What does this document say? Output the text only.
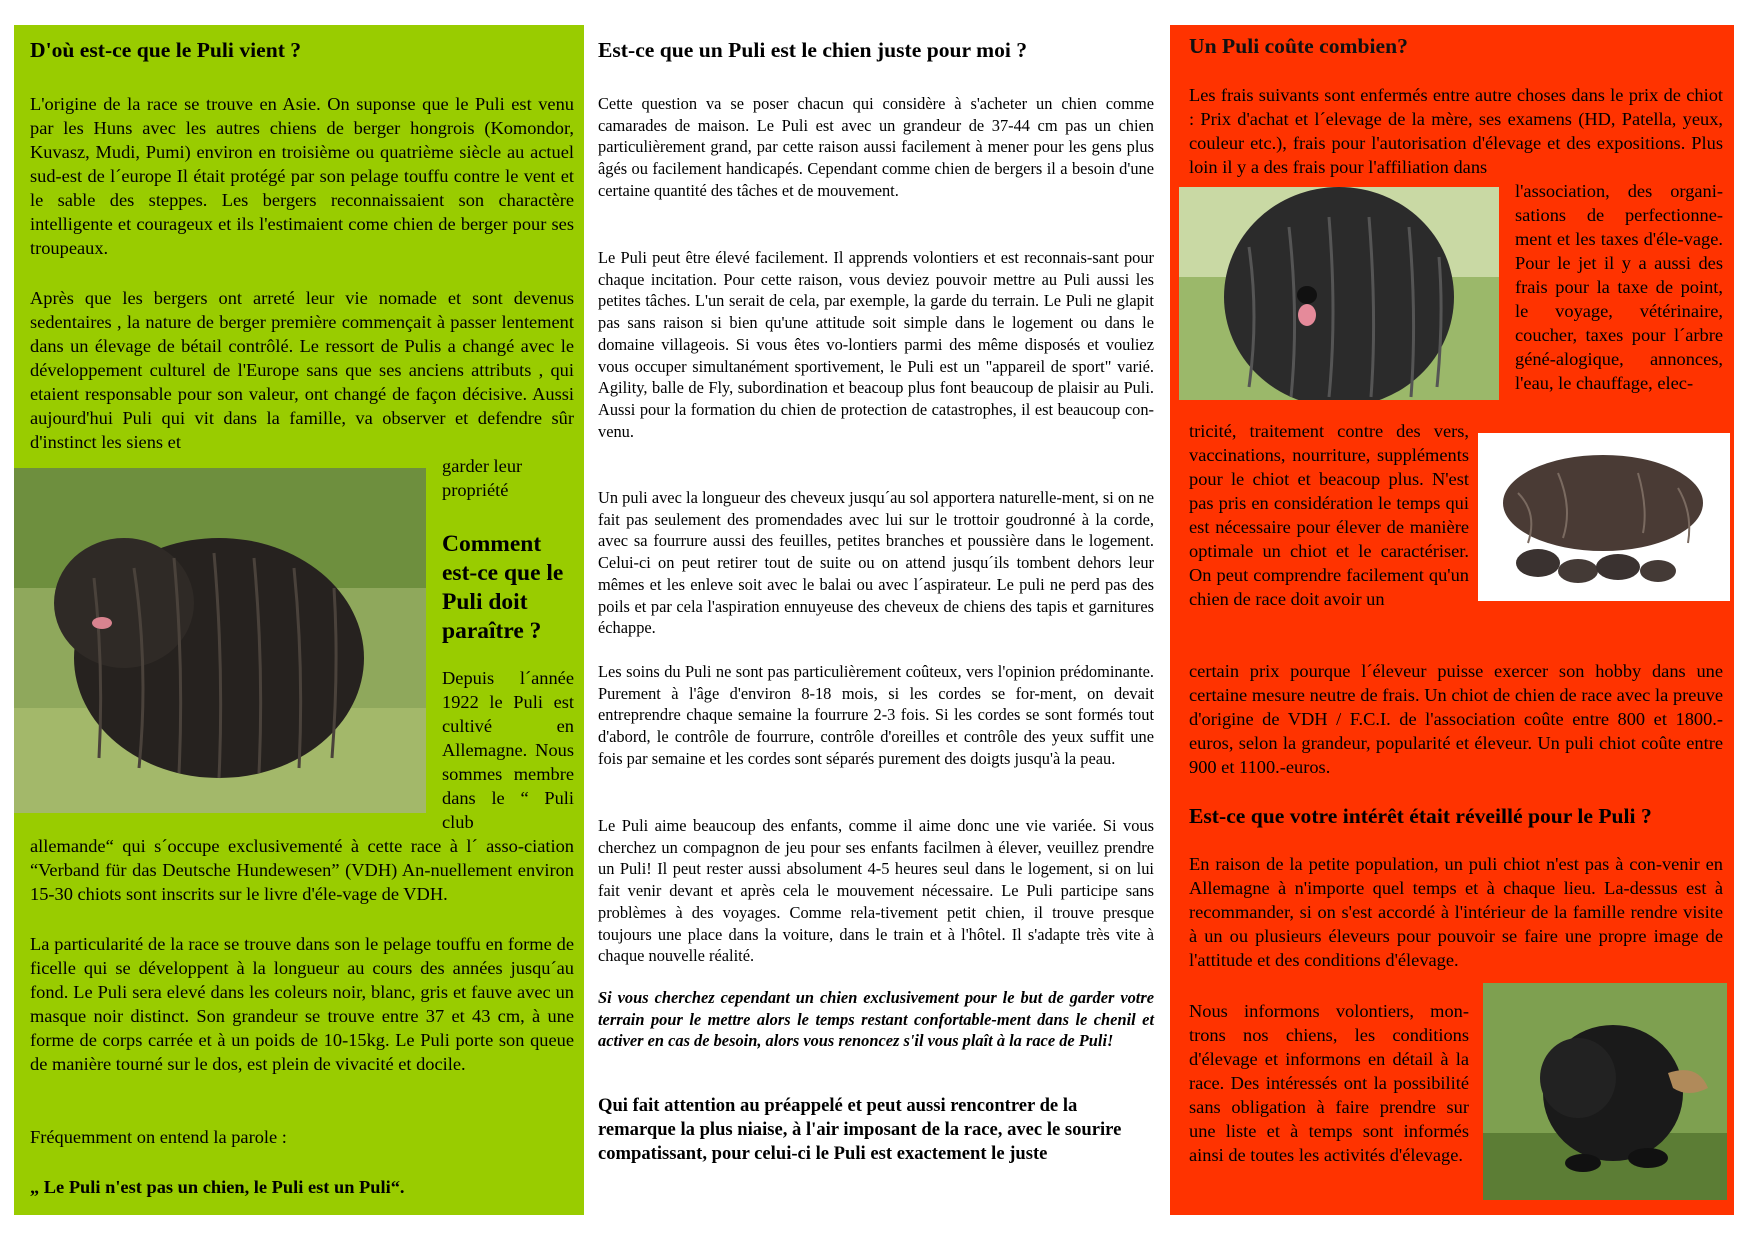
D'où est-ce que le Puli vient ?

L'origine de la race se trouve en Asie. On suponse que le Puli est venu par les Huns avec les autres chiens de berger hongrois (Komondor, Kuvasz, Mudi, Pumi) environ en troisième ou quatrième siècle au actuel sud-est de l´europe Il était protégé par son pelage touffu contre le vent et le sable des steppes. Les bergers reconnaissaient son charactère intelligente et courageux et ils l'estimaient come chien de berger pour ses troupeaux.

Après que les bergers ont arreté leur vie nomade et sont devenus sedentaires , la nature de berger première commençait à passer lentement dans un élevage de bétail contrôlé. Le ressort de Pulis a changé avec le développement culturel de l'Europe sans que ses anciens attributs , qui etaient responsable pour son valeur, ont changé de façon décisive. Aussi aujourd'hui Puli qui vit dans la famille, va observer et defendre sûr d'instinct les siens et

garder leur propriété

Comment est-ce que le Puli doit paraître ?

Depuis l´année 1922 le Puli est cultivé en Allemagne. Nous sommes membre dans le “ Puli club

allemande“ qui s´occupe exclusivementé à cette race à l´ asso-ciation “Verband für das Deutsche Hundewesen” (VDH) An-nuellement environ 15-30 chiots sont inscrits sur le livre d'éle-vage de VDH.

La particularité de la race se trouve dans son le pelage touffu en forme de ficelle qui se développent à la longueur au cours des années jusqu´au fond. Le Puli sera elevé dans les coleurs noir, blanc, gris et fauve avec un masque noir distinct. Son grandeur se trouve entre 37 et 43 cm, à une forme de corps carrée et à un poids de 10-15kg. Le Puli porte son queue de manière tourné sur le dos, est plein de vivacité et docile.

Fréquemment on entend la parole :

„ Le Puli n'est pas un chien, le Puli est un Puli“.

Est-ce que un Puli est le chien juste pour moi ?

Cette question va se poser chacun qui considère à s'acheter un chien comme camarades de maison. Le Puli est avec un grandeur de 37-44 cm pas un chien particulièrement grand, par cette raison aussi facilement à mener pour les gens plus âgés ou facilement handicapés. Cependant comme chien de bergers il a besoin d'une certaine quantité des tâches et de mouvement.

Le Puli peut être élevé facilement. Il apprends volontiers et est reconnais-sant pour chaque incitation. Pour cette raison, vous deviez pouvoir mettre au Puli aussi les petites tâches. L'un serait de cela, par exemple, la garde du terrain. Le Puli ne glapit pas sans raison si bien qu'une attitude soit simple dans le logement ou dans le domaine villageois. Si vous êtes vo-lontiers parmi des même disposés et vouliez vous occuper simultanément sportivement, le Puli est un "appareil de sport" varié. Agility, balle de Fly, subordination et beacoup plus font beaucoup de plaisir au Puli. Aussi pour la formation du chien de protection de catastrophes, il est beaucoup con-venu.

Un puli avec la longueur des cheveux jusqu´au sol apportera naturelle-ment, si on ne fait pas seulement des promendades avec lui sur le trottoir goudronné à la corde, avec sa fourrure aussi des feuilles, petites branches et poussière dans le logement. Celui-ci on peut retirer tout de suite ou on attend jusqu´ils tombent dehors leur mêmes et les enleve soit avec le balai ou avec l´aspirateur. Le puli ne perd pas des poils et par cela l'aspiration ennuyeuse des cheveux de chiens des tapis et garnitures échappe.

Les soins du Puli ne sont pas particulièrement coûteux, vers l'opinion prédominante. Purement à l'âge d'environ 8-18 mois, si les cordes se for-ment, on devait entreprendre chaque semaine la fourrure 2-3 fois. Si les cordes se sont formés tout d'abord, le contrôle de fourrure, contrôle d'oreilles et contrôle des yeux suffit une fois par semaine et les cordes sont séparés purement des doigts jusqu'à la peau.

Le Puli aime beaucoup des enfants, comme il aime donc une vie variée. Si vous cherchez un compagnon de jeu pour ses enfants facilmen à élever, veuillez prendre un Puli! Il peut rester aussi absolument 4-5 heures seul dans le logement, si on lui fait venir devant et après cela le mouvement nécessaire. Le Puli participe sans problèmes à des voyages. Comme rela-tivement petit chien, il trouve presque toujours une place dans la voiture, dans le train et à l'hôtel. Il s'adapte très vite à chaque nouvelle réalité.

Si vous cherchez cependant un chien exclusivement pour le but de garder votre terrain pour le mettre alors le temps restant confortable-ment dans le chenil et activer en cas de besoin, alors vous renoncez s'il vous plaît à la race de Puli!

Qui fait attention au préappelé et peut aussi rencontrer de la remarque la plus niaise, à l'air imposant de la race, avec le sourire compatissant, pour celui-ci le Puli est exactement le juste

Un Puli coûte combien?

Les frais suivants sont enfermés entre autre choses dans le prix de chiot : Prix d'achat et l´elevage de la mère, ses examens (HD, Patella, yeux, couleur etc.), frais pour l'autorisation d'élevage et des expositions. Plus loin il y a des frais pour l'affiliation dans

l'association, des organi-sations de perfectionne-ment et les taxes d'éle-vage. Pour le jet il y a aussi des frais pour la taxe de point, le voyage, vétérinaire, coucher, taxes pour l´arbre géné-alogique, annonces, l'eau, le chauffage, elec-

tricité, traitement contre des vers, vaccinations, nourriture, suppléments pour le chiot et beacoup plus. N'est pas pris en considération le temps qui est nécessaire pour élever de manière optimale un chiot et le caractériser. On peut comprendre facilement qu'un chien de race doit avoir un

certain prix pourque l´éleveur puisse exercer son hobby dans une certaine mesure neutre de frais. Un chiot de chien de race avec la preuve d'origine de VDH / F.C.I. de l'association coûte entre 800 et 1800.-euros, selon la grandeur, popularité et éleveur. Un puli chiot coûte entre 900 et 1100.-euros.

Est-ce que votre intérêt était réveillé pour le Puli ?

En raison de la petite population, un puli chiot n'est pas à con-venir en Allemagne à n'importe quel temps et à chaque lieu. La-dessus est à recommander, si on s'est accordé à l'intérieur de la famille rendre visite à un ou plusieurs éleveurs pour pouvoir se faire une propre image de l'attitude et des conditions d'élevage.

Nous informons volontiers, mon-trons nos chiens, les conditions d'élevage et informons en détail à la race. Des intéressés ont la possibilité sans obligation à faire prendre sur une liste et à temps sont informés ainsi de toutes les activités d'élevage.
